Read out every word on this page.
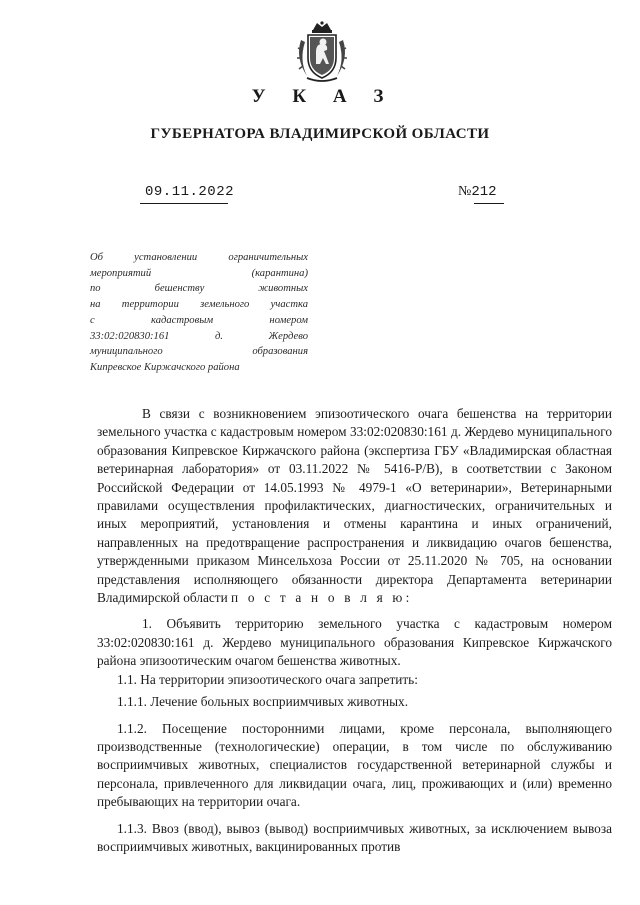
У К А З
ГУБЕРНАТОРА ВЛАДИМИРСКОЙ ОБЛАСТИ
09.11.2022	№212
Об установлении ограничительных
мероприятий (карантина)
по бешенству животных
на территории земельного участка
с кадастровым номером
33:02:020830:161 д. Жердево
муниципального образования
Кипревское Киржачского района

В связи с возникновением эпизоотического очага бешенства на территории земельного участка с кадастровым номером 33:02:020830:161 д. Жердево муниципального образования Кипревское Киржачского района (экспертиза ГБУ «Владимирская областная ветеринарная лаборатория» от 03.11.2022 № 5416-Р/В), в соответствии с Законом Российской Федерации от 14.05.1993 № 4979-1 «О ветеринарии», Ветеринарными правилами осуществления профилактических, диагностических, ограничительных и иных мероприятий, установления и отмены карантина и иных ограничений, направленных на предотвращение распространения и ликвидацию очагов бешенства, утвержденными приказом Минсельхоза России от 25.11.2020 № 705, на основании представления исполняющего обязанности директора Департамента ветеринарии Владимирской области п о с т а н о в л я ю:

1. Объявить территорию земельного участка с кадастровым номером 33:02:020830:161 д. Жердево муниципального образования Кипревское Киржачского района эпизоотическим очагом бешенства животных.

1.1. На территории эпизоотического очага запретить:

1.1.1. Лечение больных восприимчивых животных.

1.1.2. Посещение посторонними лицами, кроме персонала, выполняющего производственные (технологические) операции, в том числе по обслуживанию восприимчивых животных, специалистов государственной ветеринарной службы и персонала, привлеченного для ликвидации очага, лиц, проживающих и (или) временно пребывающих на территории очага.

1.1.3. Ввоз (ввод), вывоз (вывод) восприимчивых животных, за исключением вывоза восприимчивых животных, вакцинированных против
